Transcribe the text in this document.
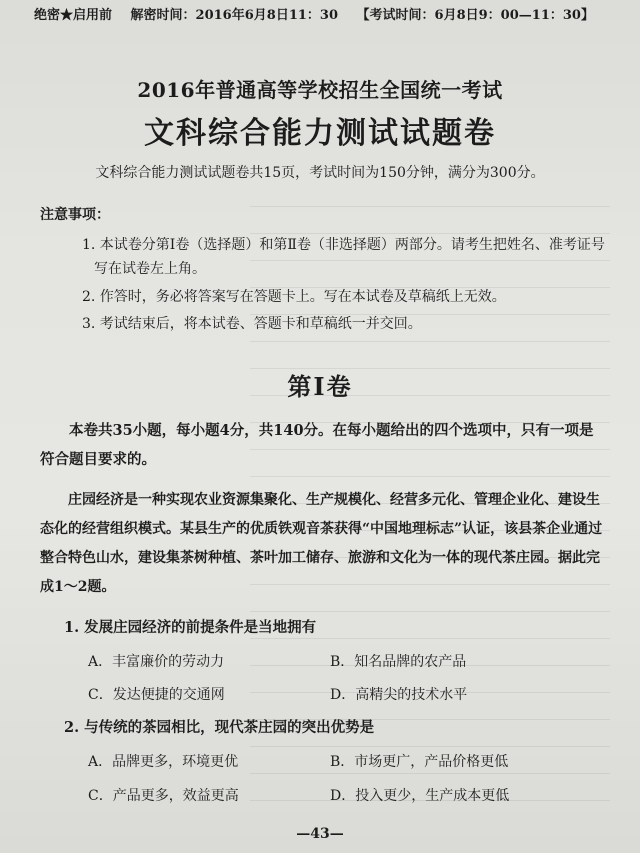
绝密★启用前 解密时间：2016年6月8日11：30 【考试时间：6月8日9：00—11：30】
2016年普通高等学校招生全国统一考试
文科综合能力测试试题卷
文科综合能力测试试题卷共15页，考试时间为150分钟，满分为300分。
注意事项：
1. 本试卷分第Ⅰ卷（选择题）和第Ⅱ卷（非选择题）两部分。请考生把姓名、准考证号
写在试卷左上角。
2. 作答时，务必将答案写在答题卡上。写在本试卷及草稿纸上无效。
3. 考试结束后，将本试卷、答题卡和草稿纸一并交回。
第Ⅰ卷
本卷共35小题，每小题4分，共140分。在每小题给出的四个选项中，只有一项是符合题目要求的。
庄园经济是一种实现农业资源集聚化、生产规模化、经营多元化、管理企业化、建设生态化的经营组织模式。某县生产的优质铁观音茶获得“中国地理标志”认证，该县茶企业通过整合特色山水，建设集茶树种植、茶叶加工储存、旅游和文化为一体的现代茶庄园。据此完成1～2题。
1. 发展庄园经济的前提条件是当地拥有
A．丰富廉价的劳动力	B．知名品牌的农产品
C．发达便捷的交通网	D．高精尖的技术水平
2. 与传统的茶园相比，现代茶庄园的突出优势是
A．品牌更多，环境更优	B．市场更广，产品价格更低
C．产品更多，效益更高	D．投入更少，生产成本更低
—43—
